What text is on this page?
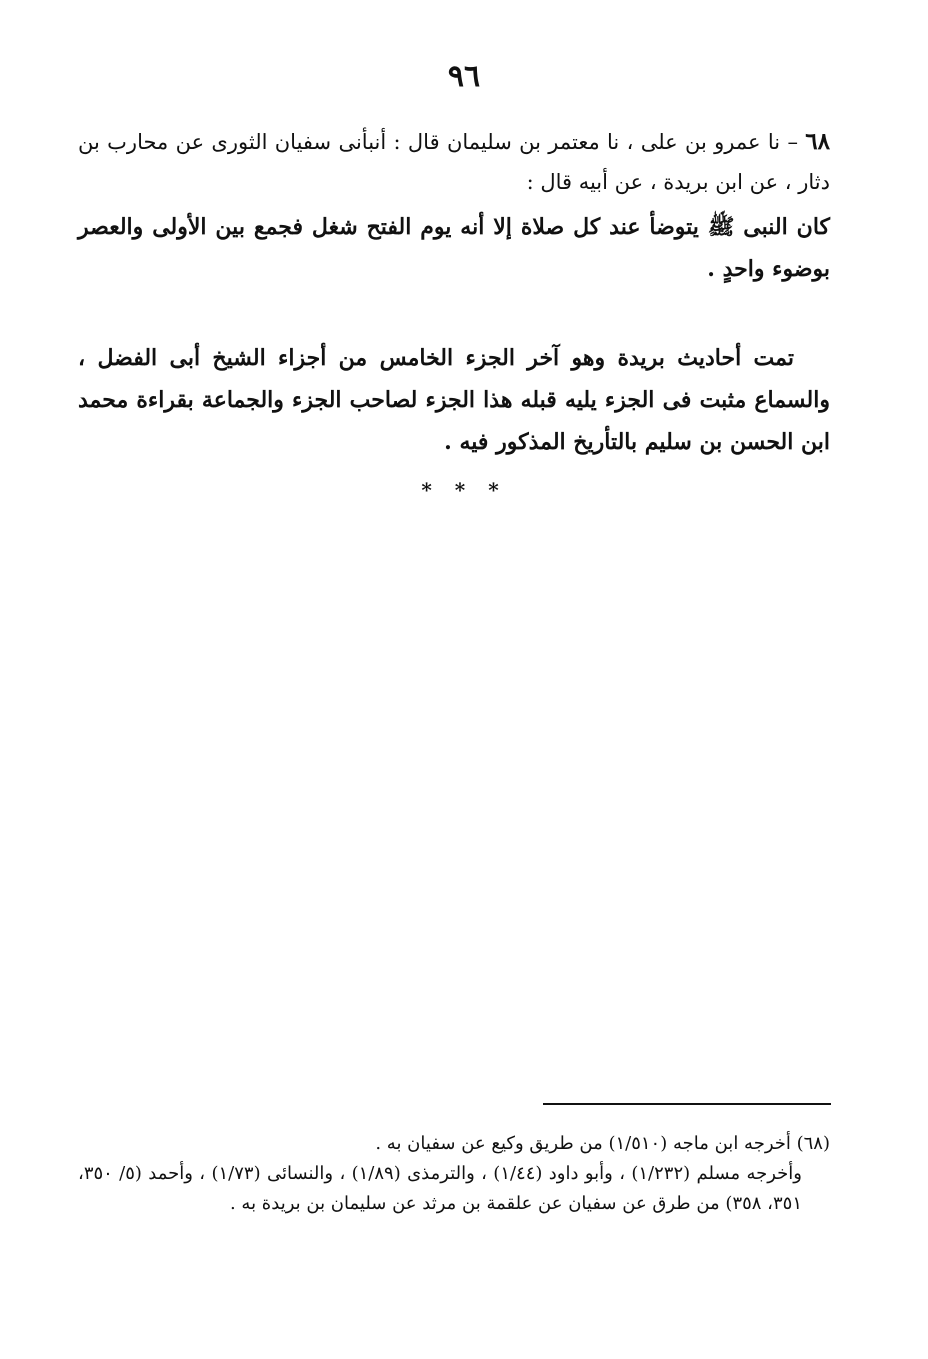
٩٦
٦٨ – نا عمرو بن على ، نا معتمر بن سليمان قال : أنبأنى سفيان الثورى عن محارب بن دثار ، عن ابن بريدة ، عن أبيه قال :
كان النبى ﷺ يتوضأ عند كل صلاة إلا أنه يوم الفتح شغل فجمع بين الأولى والعصر بوضوء واحدٍ .
تمت أحاديث بريدة وهو آخر الجزء الخامس من أجزاء الشيخ أبى الفضل ، والسماع مثبت فى الجزء يليه قبله هذا الجزء لصاحب الجزء والجماعة بقراءة محمد ابن الحسن بن سليم بالتأريخ المذكور فيه .
* * *
(٦٨) أخرجه ابن ماجه (١/٥١٠) من طريق وكيع عن سفيان به .
وأخرجه مسلم (١/٢٣٢) ، وأبو داود (١/٤٤) ، والترمذى (١/٨٩) ، والنسائى (١/٧٣) ، وأحمد (٥/ ٣٥٠، ٣٥١، ٣٥٨) من طرق عن سفيان عن علقمة بن مرثد عن سليمان بن بريدة به .
